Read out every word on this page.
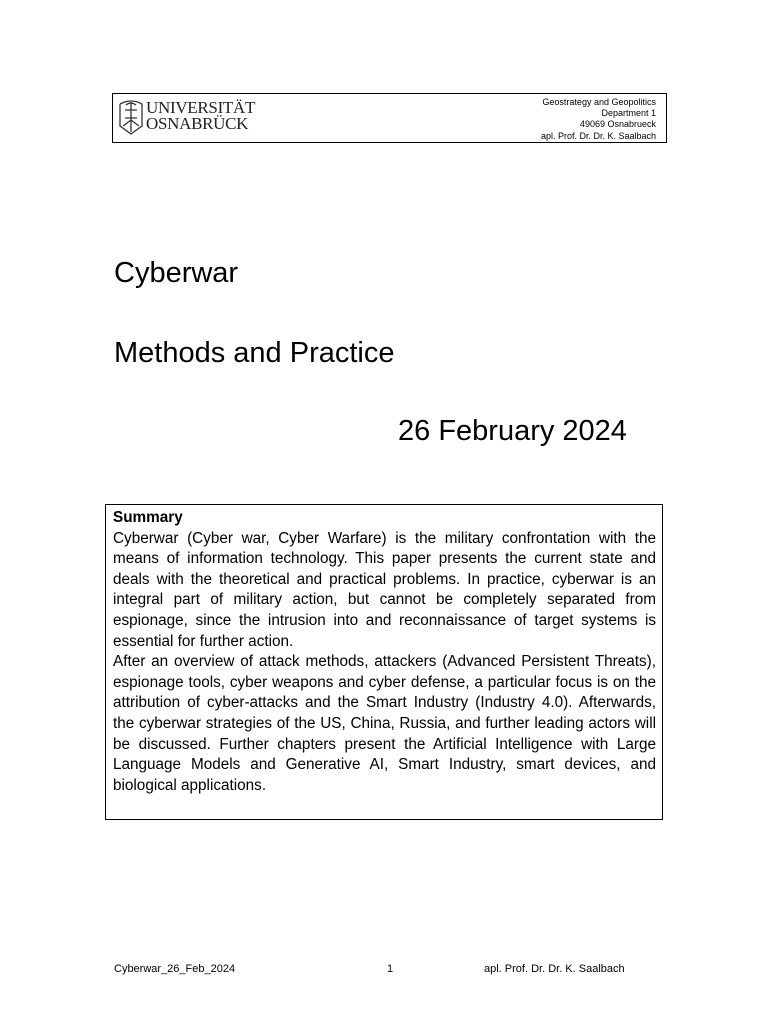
UNIVERSITÄT
OSNABRÜCK
Geostrategy and Geopolitics
Department 1
49069 Osnabrueck
apl. Prof. Dr. Dr. K. Saalbach
Cyberwar
Methods and Practice
26 February 2024
Summary

Cyberwar (Cyber war, Cyber Warfare) is the military confrontation with the means of information technology. This paper presents the current state and deals with the theoretical and practical problems. In practice, cyberwar is an integral part of military action, but cannot be completely separated from espionage, since the intrusion into and reconnaissance of target systems is essential for further action.

After an overview of attack methods, attackers (Advanced Persistent Threats), espionage tools, cyber weapons and cyber defense, a particular focus is on the attribution of cyber-attacks and the Smart Industry (Industry 4.0). Afterwards, the cyberwar strategies of the US, China, Russia, and further leading actors will be discussed. Further chapters present the Artificial Intelligence with Large Language Models and Generative AI, Smart Industry, smart devices, and biological applications.

Cyberwar_26_Feb_2024	1	apl. Prof. Dr. Dr. K. Saalbach
